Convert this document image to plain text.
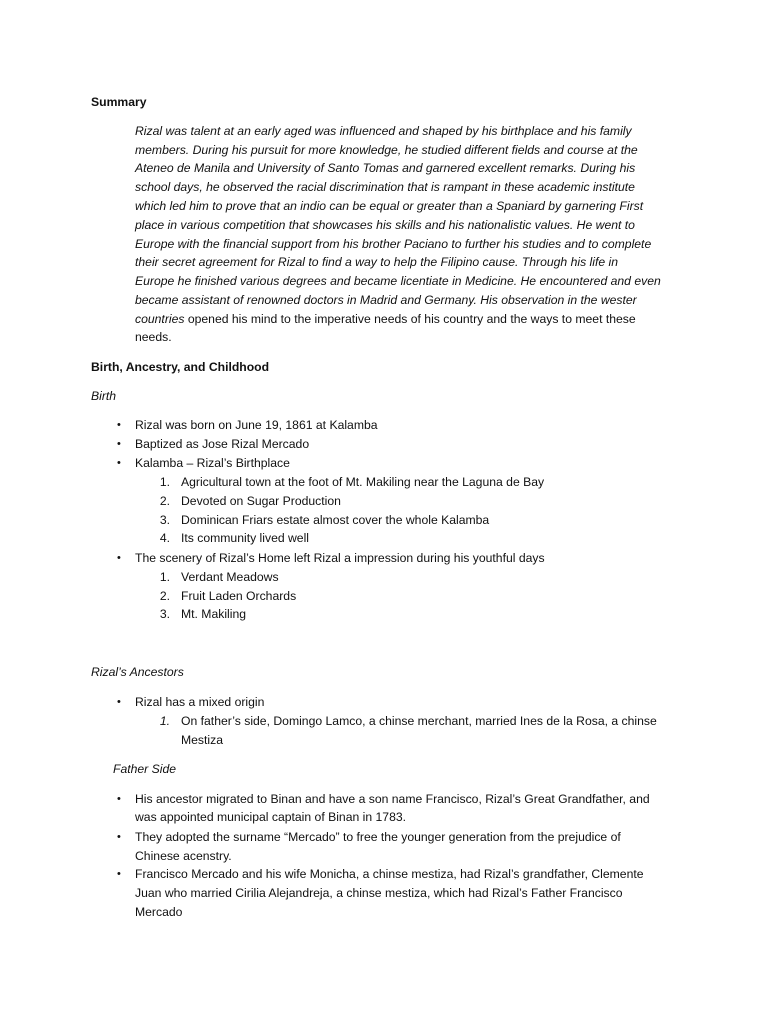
Summary
Rizal was talent at an early aged was influenced and shaped by his birthplace and his family
members. During his pursuit for more knowledge, he studied different fields and course at the
Ateneo de Manila and University of Santo Tomas and garnered excellent remarks. During his
school days, he observed the racial discrimination that is rampant in these academic institute
which led him to prove that an indio can be equal or greater than a Spaniard by garnering First
place in various competition that showcases his skills and his nationalistic values. He went to
Europe with the financial support from his brother Paciano to further his studies and to complete
their secret agreement for Rizal to find a way to help the Filipino cause. Through his life in
Europe he finished various degrees and became licentiate in Medicine. He encountered and even
became assistant of renowned doctors in Madrid and Germany. His observation in the wester
countries opened his mind to the imperative needs of his country and the ways to meet these
needs.
Birth, Ancestry, and Childhood
Birth
• Rizal was born on June 19, 1861 at Kalamba
• Baptized as Jose Rizal Mercado
• Kalamba – Rizal’s Birthplace
1. Agricultural town at the foot of Mt. Makiling near the Laguna de Bay
2. Devoted on Sugar Production
3. Dominican Friars estate almost cover the whole Kalamba
4. Its community lived well
• The scenery of Rizal’s Home left Rizal a impression during his youthful days
1. Verdant Meadows
2. Fruit Laden Orchards
3. Mt. Makiling
Rizal’s Ancestors
• Rizal has a mixed origin
1. On father’s side, Domingo Lamco, a chinse merchant, married Ines de la Rosa, a chinse
Mestiza
Father Side
• His ancestor migrated to Binan and have a son name Francisco, Rizal’s Great Grandfather, and
was appointed municipal captain of Binan in 1783.
• They adopted the surname “Mercado” to free the younger generation from the prejudice of
Chinese acenstry.
• Francisco Mercado and his wife Monicha, a chinse mestiza, had Rizal’s grandfather, Clemente
Juan who married Cirilia Alejandreja, a chinse mestiza, which had Rizal’s Father Francisco
Mercado
